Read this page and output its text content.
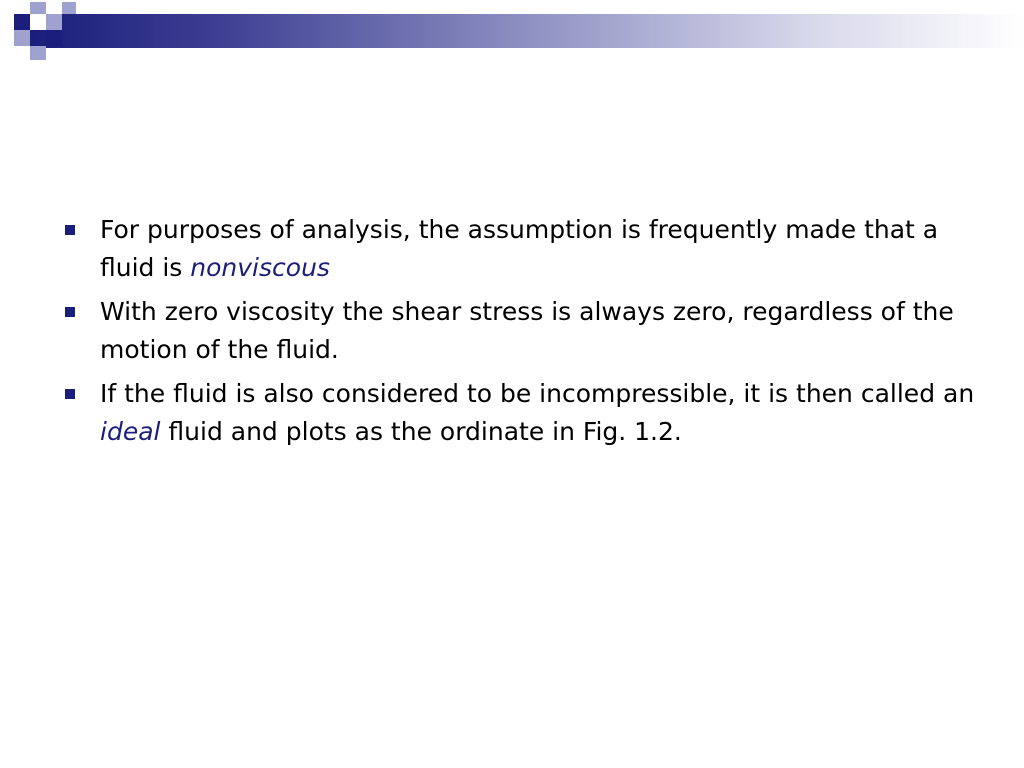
For purposes of analysis, the assumption is frequently made that a fluid is nonviscous
With zero viscosity the shear stress is always zero, regardless of the motion of the fluid.
If the fluid is also considered to be incompressible, it is then called an ideal fluid and plots as the ordinate in Fig. 1.2.
